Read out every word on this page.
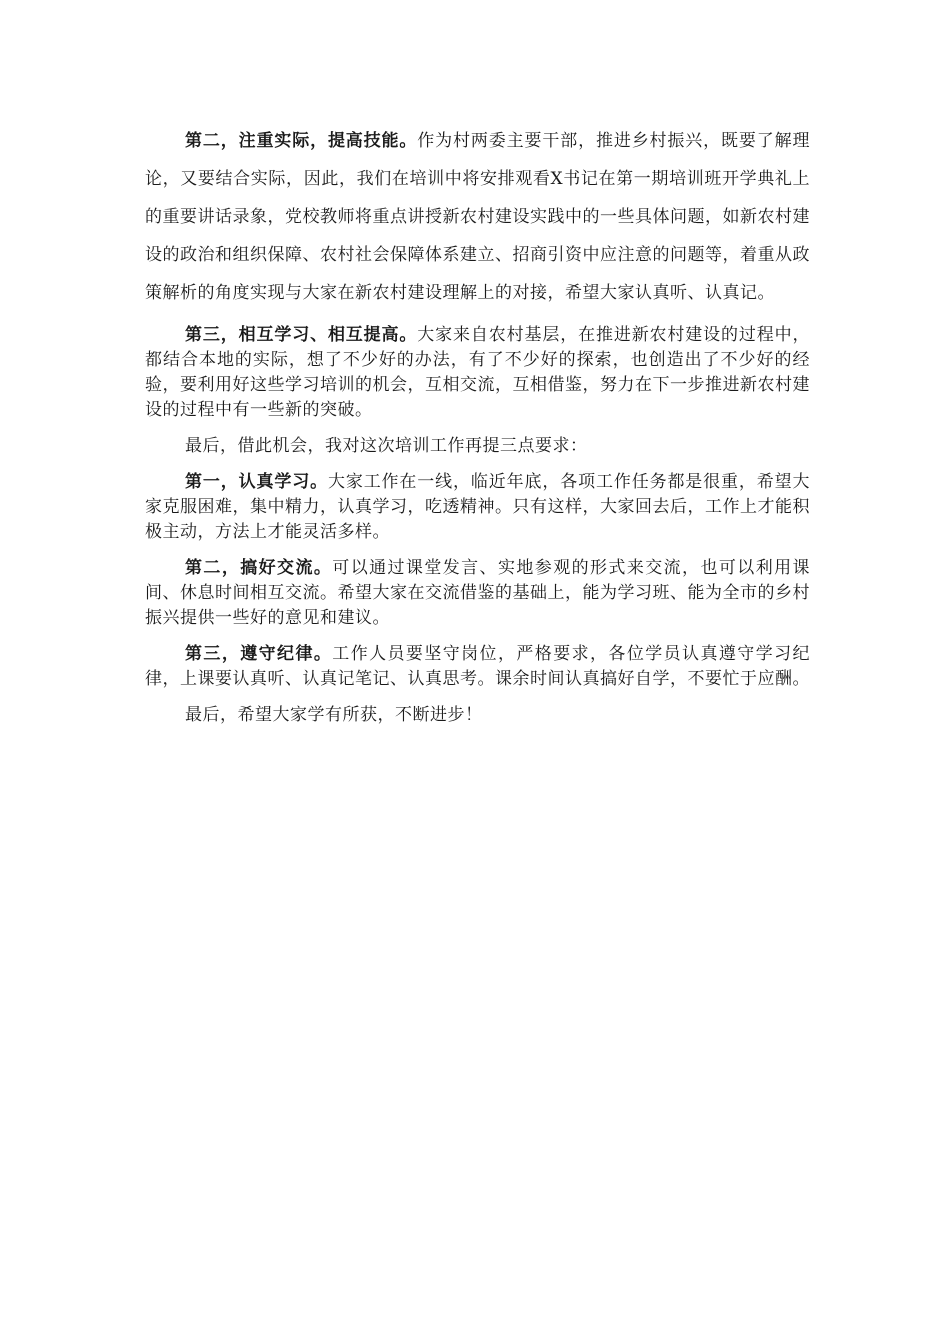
第二，注重实际，提高技能。作为村两委主要干部，推进乡村振兴，既要了解理论，又要结合实际，因此，我们在培训中将安排观看X书记在第一期培训班开学典礼上的重要讲话录象，党校教师将重点讲授新农村建设实践中的一些具体问题，如新农村建设的政治和组织保障、农村社会保障体系建立、招商引资中应注意的问题等，着重从政策解析的角度实现与大家在新农村建设理解上的对接，希望大家认真听、认真记。

第三，相互学习、相互提高。大家来自农村基层，在推进新农村建设的过程中，都结合本地的实际，想了不少好的办法，有了不少好的探索，也创造出了不少好的经验，要利用好这些学习培训的机会，互相交流，互相借鉴，努力在下一步推进新农村建设的过程中有一些新的突破。

最后，借此机会，我对这次培训工作再提三点要求：

第一，认真学习。大家工作在一线，临近年底，各项工作任务都是很重，希望大家克服困难，集中精力，认真学习，吃透精神。只有这样，大家回去后，工作上才能积极主动，方法上才能灵活多样。

第二，搞好交流。可以通过课堂发言、实地参观的形式来交流，也可以利用课间、休息时间相互交流。希望大家在交流借鉴的基础上，能为学习班、能为全市的乡村振兴提供一些好的意见和建议。

第三，遵守纪律。工作人员要坚守岗位，严格要求，各位学员认真遵守学习纪律，上课要认真听、认真记笔记、认真思考。课余时间认真搞好自学，不要忙于应酬。

最后，希望大家学有所获，不断进步！
